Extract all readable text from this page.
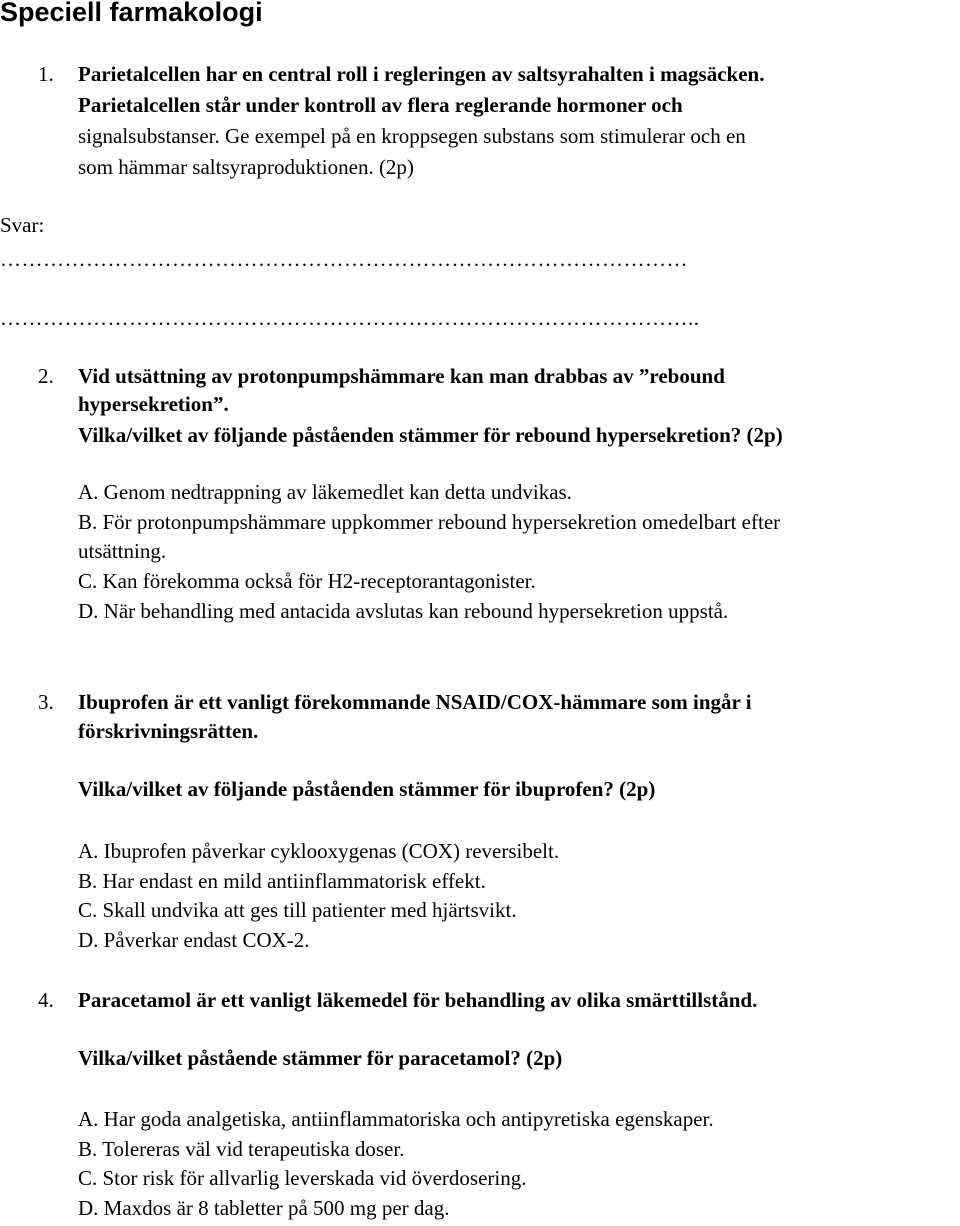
Speciell farmakologi
1. Parietalcellen har en central roll i regleringen av saltsyrahalten i magsäcken.
Parietalcellen står under kontroll av flera reglerande hormoner och
signalsubstanser. Ge exempel på en kroppsegen substans som stimulerar och en
som hämmar saltsyraproduktionen. (2p)
Svar:
……………………………………………………………………………………
……………………………………………………………………………………..
2. Vid utsättning av protonpumpshämmare kan man drabbas av ”rebound
hypersekretion”.
Vilka/vilket av följande påståenden stämmer för rebound hypersekretion? (2p)
A. Genom nedtrappning av läkemedlet kan detta undvikas.
B. För protonpumpshämmare uppkommer rebound hypersekretion omedelbart efter
utsättning.
C. Kan förekomma också för H2-receptorantagonister.
D. När behandling med antacida avslutas kan rebound hypersekretion uppstå.
3. Ibuprofen är ett vanligt förekommande NSAID/COX-hämmare som ingår i
förskrivningsrätten.
Vilka/vilket av följande påståenden stämmer för ibuprofen? (2p)
A. Ibuprofen påverkar cyklooxygenas (COX) reversibelt.
B. Har endast en mild antiinflammatorisk effekt.
C. Skall undvika att ges till patienter med hjärtsvikt.
D. Påverkar endast COX-2.
4. Paracetamol är ett vanligt läkemedel för behandling av olika smärttillstånd.
Vilka/vilket påstående stämmer för paracetamol? (2p)
A. Har goda analgetiska, antiinflammatoriska och antipyretiska egenskaper.
B. Tolereras väl vid terapeutiska doser.
C. Stor risk för allvarlig leverskada vid överdosering.
D. Maxdos är 8 tabletter på 500 mg per dag.
